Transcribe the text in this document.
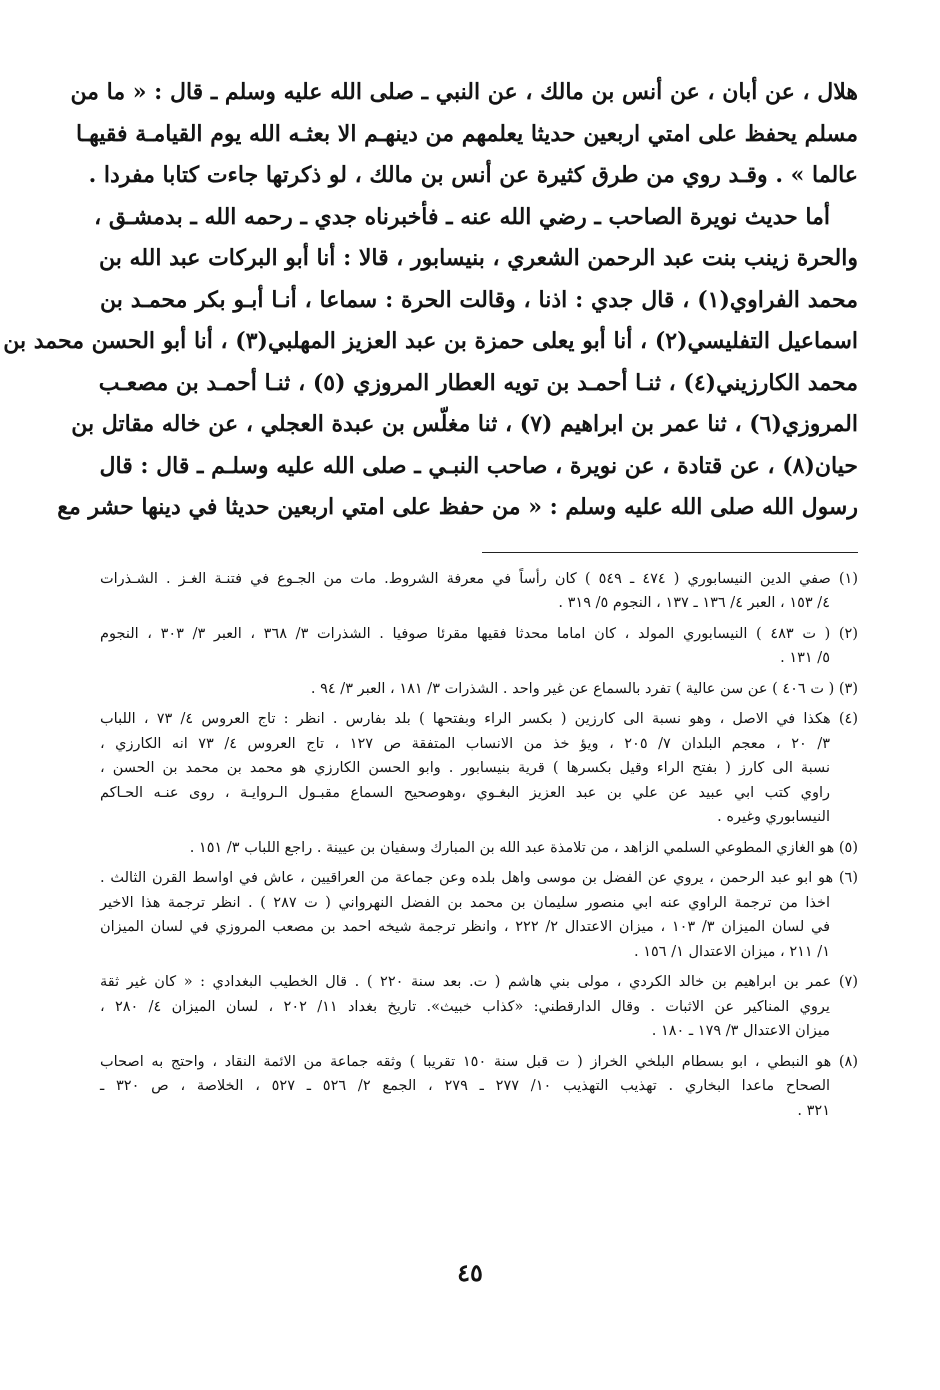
هلال ، عن أبان ، عن أنس بن مالك ، عن النبي ـ صلى الله عليه وسلم ـ قال : « ما من
مسلم يحفظ على امتي اربعين حديثا يعلمهم من دينهـم الا بعثـه الله يوم القيامـة فقيهـا
عالما » . وقـد روي من طرق كثيرة عن أنس بن مالك ، لو ذكرتها جاءت كتابا مفردا .
أما حديث نويرة الصاحب ـ رضي الله عنه ـ فأخبرناه جدي ـ رحمه الله ـ بدمشـق ،
والحرة زينب بنت عبد الرحمن الشعري ، بنيسابور ، قالا : أنا أبو البركات عبد الله بن
محمد الفراوي(١) ، قال جدي : اذنا ، وقالت الحرة : سماعا ، أنـا أبـو بكر محمـد بن
اسماعيل التفليسي(٢) ، أنا أبو يعلى حمزة بن عبد العزيز المهلبي(٣) ، أنا أبو الحسن محمد بن
محمد الكارزيني(٤) ، ثنـا أحمـد بن تويه العطار المروزي (٥) ، ثنـا أحمـد بن مصعـب
المروزي(٦) ، ثنا عمر بن ابراهيم (٧) ، ثنا مغلّس بن عبدة العجلي ، عن خاله مقاتل بن
حيان(٨) ، عن قتادة ، عن نويرة ، صاحب النبـي ـ صلى الله عليه وسلـم ـ قال : قال
رسول الله صلى الله عليه وسلم : « من حفظ على امتي اربعين حديثا في دينها حشر مع
(١) صفي الدين النيسابوري ( ٤٧٤ ـ ٥٤٩ ) كان رأساً في معرفة الشروط. مات من الجـوع في فتنـة الغـز . الشـذرات
٤/ ١٥٣ ، العبر ٤/ ١٣٦ ـ ١٣٧ ، النجوم ٥/ ٣١٩ .
(٢) ( ت ٤٨٣ ) النيسابوري المولد ، كان اماما محدثا فقيها مقرئا صوفيا . الشذرات ٣/ ٣٦٨ ، العبر ٣/ ٣٠٣ ، النجوم
٥/ ١٣١ .
(٣) ( ت ٤٠٦ ) عن سن عالية ) تفرد بالسماع عن غير واحد . الشذرات ٣/ ١٨١ ، العبر ٣/ ٩٤ .
(٤) هكذا في الاصل ، وهو نسبة الى كارزين ( بكسر الراء وبفتحها ) بلد بفارس . انظر : تاج العروس ٤/ ٧٣ ، اللباب
٣/ ٢٠ ، معجم البلدان ٧/ ٢٠٥ ، ويؤ خذ من الانساب المتفقة ص ١٢٧ ، تاج العروس ٤/ ٧٣ انه الكارزي ،
نسبة الى كارز ( بفتح الراء وقيل بكسرها ) قرية بنيسابور . وابو الحسن الكارزي هو محمد بن محمد بن الحسن ،
راوي كتب ابي عبيد عن علي بن عبد العزيز البغـوي ،وهوصحيح السماع مقبـول الـروايـة ، روى عنـه الحـاكم
النيسابوري وغيره .
(٥) هو الغازي المطوعي السلمي الزاهد ، من تلامذة عبد الله بن المبارك وسفيان بن عيينة . راجع اللباب ٣/ ١٥١ .
(٦) هو ابو عبد الرحمن ، يروي عن الفضل بن موسى واهل بلده وعن جماعة من العراقيين ، عاش في اواسط القرن الثالث .
اخذا من ترجمة الراوي عنه ابي منصور سليمان بن محمد بن الفضل النهرواني ( ت ٢٨٧ ) . انظر ترجمة هذا الاخير
في لسان الميزان ٣/ ١٠٣ ، ميزان الاعتدال ٢/ ٢٢٢ ، وانظر ترجمة شيخه احمد بن مصعب المروزي في لسان الميزان
١/ ٢١١ ، ميزان الاعتدال ١/ ١٥٦ .
(٧) عمر بن ابراهيم بن خالد الكردي ، مولى بني هاشم ( ت. بعد سنة ٢٢٠ ) . قال الخطيب البغدادي : « كان غير ثقة
يروي المناكير عن الاثبات . وقال الدارقطني: «كذاب خبيث». تاريخ بغداد ١١/ ٢٠٢ ، لسان الميزان ٤/ ٢٨٠ ،
ميزان الاعتدال ٣/ ١٧٩ ـ ١٨٠ .
(٨) هو النبطي ، ابو بسطام البلخي الخراز ( ت قبل سنة ١٥٠ تقريبا ) وثقه جماعة من الائمة النقاد ، واحتج به اصحاب
الصحاح ماعدا البخاري . تهذيب التهذيب ١٠/ ٢٧٧ ـ ٢٧٩ ، الجمع ٢/ ٥٢٦ ـ ٥٢٧ ، الخلاصة ، ص ٣٢٠ ـ
٣٢١ .
٤٥
